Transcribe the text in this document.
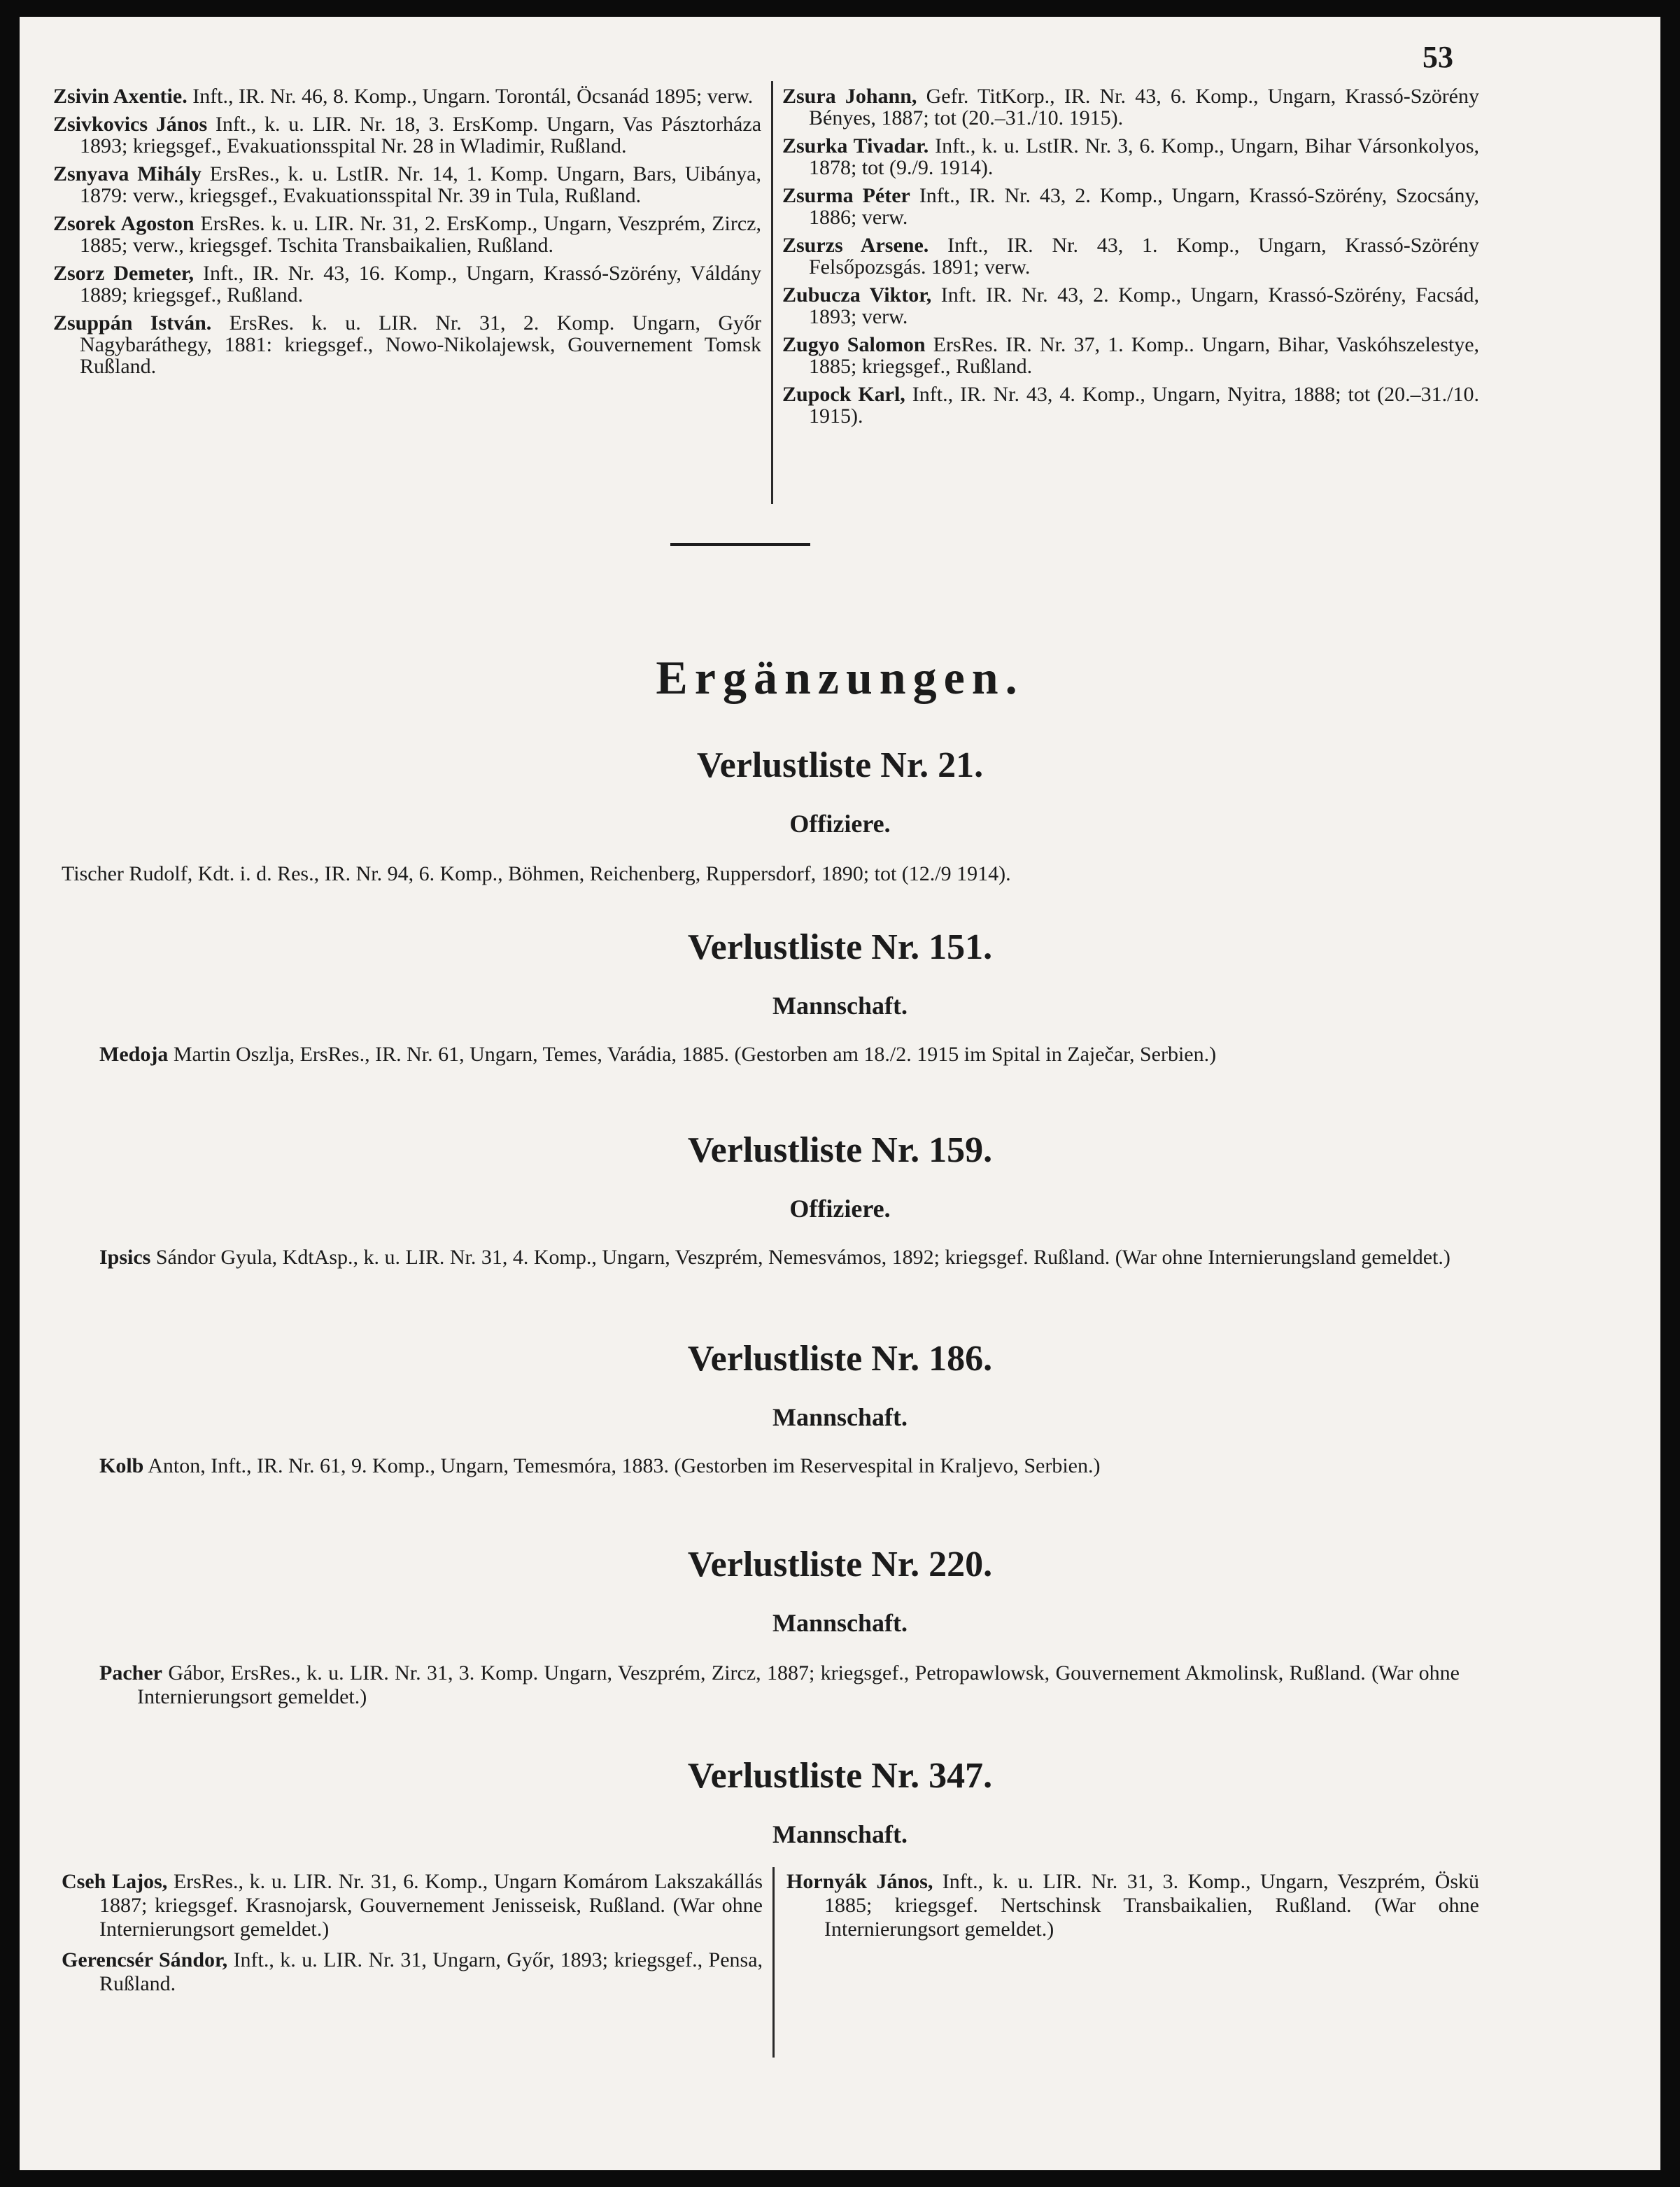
53

Zsivin Axentie. Inft., IR. Nr. 46, 8. Komp., Ungarn. Torontál, Öcsanád 1895; verw.

Zsivkovics János Inft., k. u. LIR. Nr. 18, 3. ErsKomp. Ungarn, Vas Pásztorháza 1893; kriegsgef., Evakuationsspital Nr. 28 in Wladimir, Rußland.

Zsnyava Mihály ErsRes., k. u. LstIR. Nr. 14, 1. Komp. Ungarn, Bars, Uibánya, 1879: verw., kriegsgef., Evakuationsspital Nr. 39 in Tula, Rußland.

Zsorek Agoston ErsRes. k. u. LIR. Nr. 31, 2. ErsKomp., Ungarn, Veszprém, Zircz, 1885; verw., kriegsgef. Tschita Transbaikalien, Rußland.

Zsorz Demeter, Inft., IR. Nr. 43, 16. Komp., Ungarn, Krassó-Szörény, Váldány 1889; kriegsgef., Rußland.

Zsuppán István. ErsRes. k. u. LIR. Nr. 31, 2. Komp. Ungarn, Győr Nagybaráthegy, 1881: kriegsgef., Nowo-Nikolajewsk, Gouvernement Tomsk Rußland.

Zsura Johann, Gefr. TitKorp., IR. Nr. 43, 6. Komp., Ungarn, Krassó-Szörény Bényes, 1887; tot (20.–31./10. 1915).

Zsurka Tivadar. Inft., k. u. LstIR. Nr. 3, 6. Komp., Ungarn, Bihar Vársonkolyos, 1878; tot (9./9. 1914).

Zsurma Péter Inft., IR. Nr. 43, 2. Komp., Ungarn, Krassó-Szörény, Szocsány, 1886; verw.

Zsurzs Arsene. Inft., IR. Nr. 43, 1. Komp., Ungarn, Krassó-Szörény Felsőpozsgás. 1891; verw.

Zubucza Viktor, Inft. IR. Nr. 43, 2. Komp., Ungarn, Krassó-Szörény, Facsád, 1893; verw.

Zugyo Salomon ErsRes. IR. Nr. 37, 1. Komp.. Ungarn, Bihar, Vaskóhszelestye, 1885; kriegsgef., Rußland.

Zupock Karl, Inft., IR. Nr. 43, 4. Komp., Ungarn, Nyitra, 1888; tot (20.–31./10. 1915).

Ergänzungen.
Verlustliste Nr. 21.
Offiziere.

Tischer Rudolf, Kdt. i. d. Res., IR. Nr. 94, 6. Komp., Böhmen, Reichenberg, Ruppersdorf, 1890; tot (12./9 1914).

Verlustliste Nr. 151.
Mannschaft.

Medoja Martin Oszlja, ErsRes., IR. Nr. 61, Ungarn, Temes, Varádia, 1885. (Gestorben am 18./2. 1915 im Spital in Zaječar, Serbien.)

Verlustliste Nr. 159.
Offiziere.

Ipsics Sándor Gyula, KdtAsp., k. u. LIR. Nr. 31, 4. Komp., Ungarn, Veszprém, Nemesvámos, 1892; kriegsgef. Rußland. (War ohne Internierungsland gemeldet.)

Verlustliste Nr. 186.
Mannschaft.

Kolb Anton, Inft., IR. Nr. 61, 9. Komp., Ungarn, Temesmóra, 1883. (Gestorben im Reservespital in Kraljevo, Serbien.)

Verlustliste Nr. 220.
Mannschaft.

Pacher Gábor, ErsRes., k. u. LIR. Nr. 31, 3. Komp. Ungarn, Veszprém, Zircz, 1887; kriegsgef., Petropawlowsk, Gouvernement Akmolinsk, Rußland. (War ohne Internierungsort gemeldet.)

Verlustliste Nr. 347.
Mannschaft.

Cseh Lajos, ErsRes., k. u. LIR. Nr. 31, 6. Komp., Ungarn Komárom Lakszakállás 1887; kriegsgef. Krasnojarsk, Gouvernement Jenisseisk, Rußland. (War ohne Internierungsort gemeldet.)

Gerencsér Sándor, Inft., k. u. LIR. Nr. 31, Ungarn, Győr, 1893; kriegsgef., Pensa, Rußland.

Hornyák János, Inft., k. u. LIR. Nr. 31, 3. Komp., Ungarn, Veszprém, Öskü 1885; kriegsgef. Nertschinsk Transbaikalien, Rußland. (War ohne Internierungsort gemeldet.)
